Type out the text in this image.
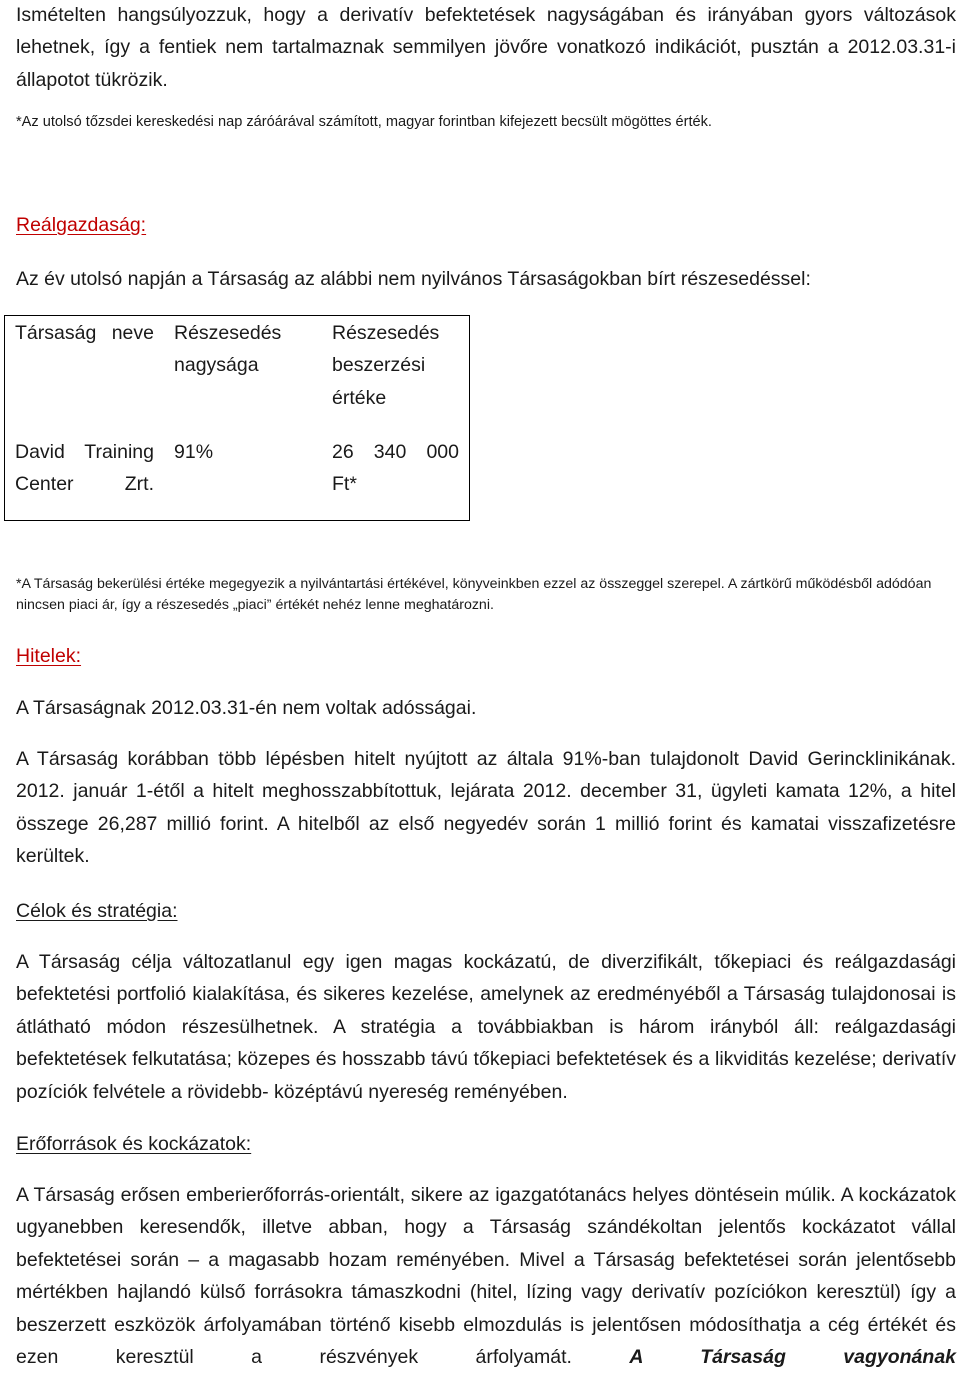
Ismételten hangsúlyozzuk, hogy a derivatív befektetések nagyságában és irányában gyors változások lehetnek, így a fentiek nem tartalmaznak semmilyen jövőre vonatkozó indikációt, pusztán a 2012.03.31-i állapotot tükrözik.

*Az utolsó tőzsdei kereskedési nap záróárával számított, magyar forintban kifejezett becsült mögöttes érték.

Reálgazdaság:

Az év utolsó napján a Társaság az alábbi nem nyilvános Társaságokban bírt részesedéssel:

Társaság neve	Részesedés nagysága	Részesedés beszerzési értéke
David Training Center Zrt.	91%	26 340 000 Ft*

*A Társaság bekerülési értéke megegyezik a nyilvántartási értékével, könyveinkben ezzel az összeggel szerepel. A zártkörű működésből adódóan nincsen piaci ár, így a részesedés „piaci” értékét nehéz lenne meghatározni.

Hitelek:

A Társaságnak 2012.03.31-én nem voltak adósságai.

A Társaság korábban több lépésben hitelt nyújtott az általa 91%-ban tulajdonolt David Gerincklinikának. 2012. január 1-étől a hitelt meghosszabbítottuk, lejárata 2012. december 31, ügyleti kamata 12%, a hitel összege 26,287 millió forint. A hitelből az első negyedév során 1 millió forint és kamatai visszafizetésre kerültek.

Célok és stratégia:

A Társaság célja változatlanul egy igen magas kockázatú, de diverzifikált, tőkepiaci és reálgazdasági befektetési portfolió kialakítása, és sikeres kezelése, amelynek az eredményéből a Társaság tulajdonosai is átlátható módon részesülhetnek. A stratégia a továbbiakban is három irányból áll: reálgazdasági befektetések felkutatása; közepes és hosszabb távú tőkepiaci befektetések és a likviditás kezelése; derivatív pozíciók felvétele a rövidebb- középtávú nyereség reményében.

Erőforrások és kockázatok:

A Társaság erősen emberierőforrás-orientált, sikere az igazgatótanács helyes döntésein múlik. A kockázatok ugyanebben keresendők, illetve abban, hogy a Társaság szándékoltan jelentős kockázatot vállal befektetései során – a magasabb hozam reményében. Mivel a Társaság befektetései során jelentősebb mértékben hajlandó külső forrásokra támaszkodni (hitel, lízing vagy derivatív pozíciókon keresztül) így a beszerzett eszközök árfolyamában történő kisebb elmozdulás is jelentősen módosíthatja a cég értékét és ezen keresztül a részvények árfolyamát.	A Társaság vagyonának
